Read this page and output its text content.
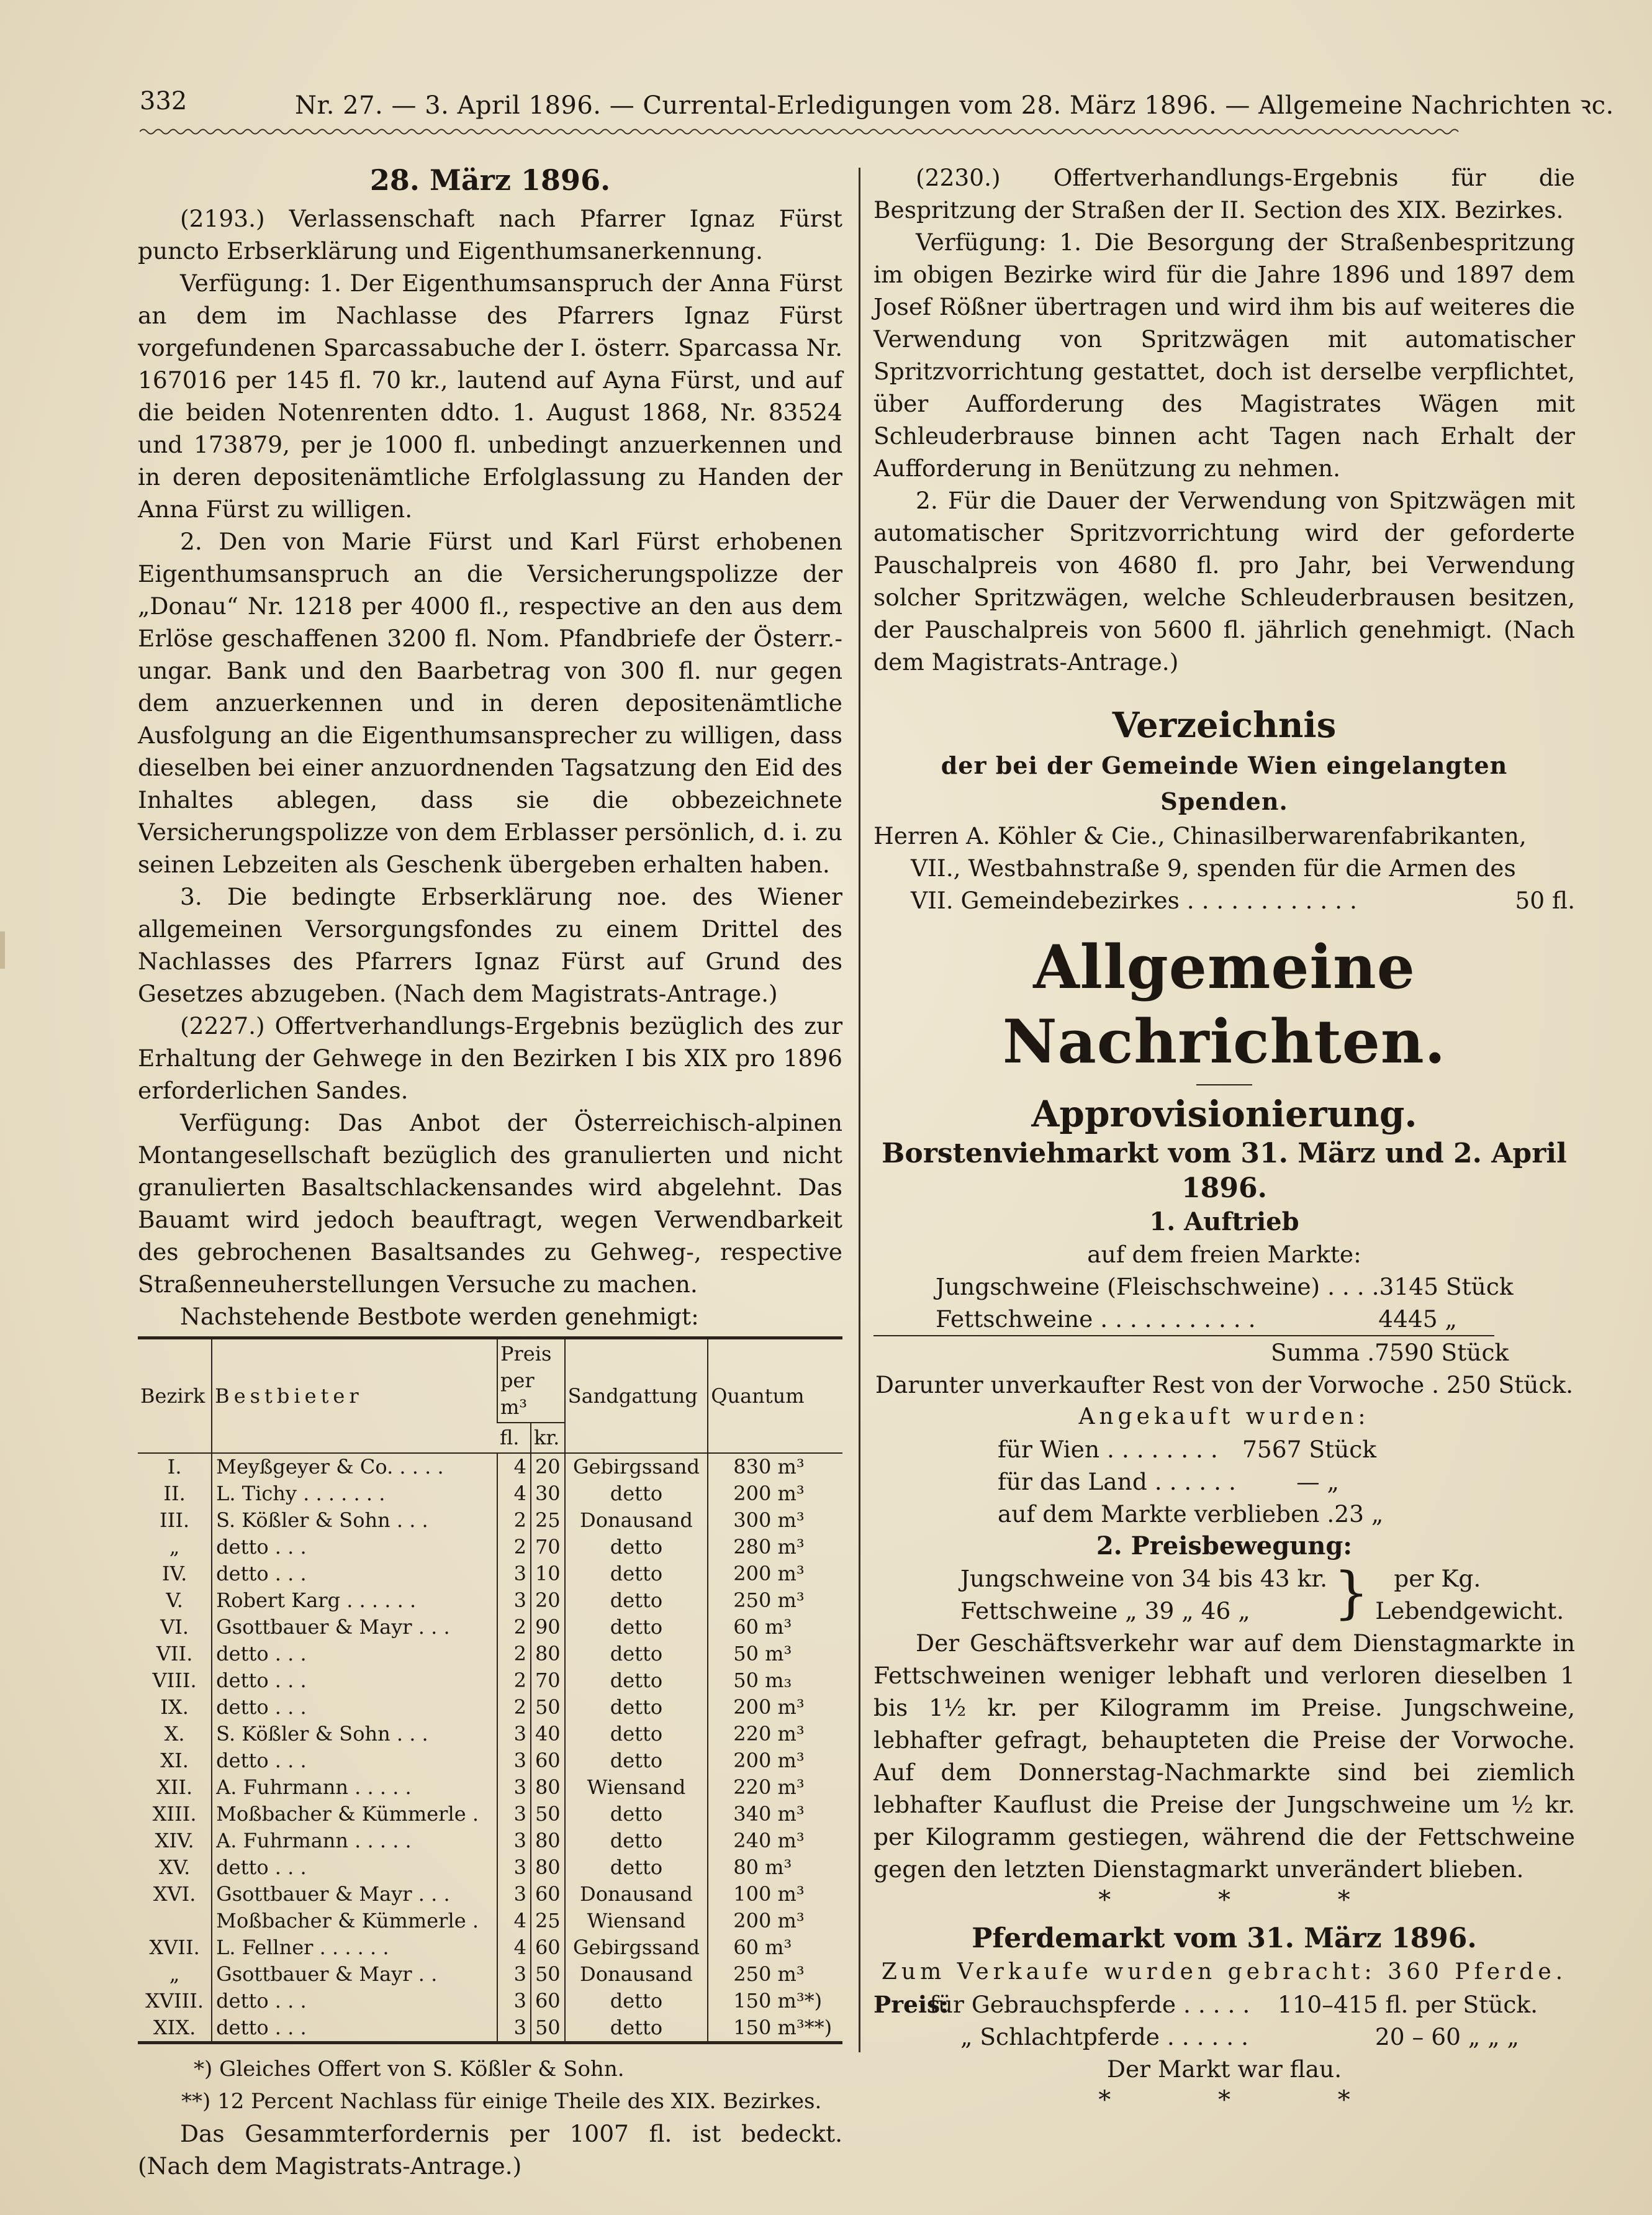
332	Nr. 27. — 3. April 1896. — Currental-Erledigungen vom 28. März 1896. — Allgemeine Nachrichten ꝛc.
28. März 1896.

(2193.) Verlassenschaft nach Pfarrer Ignaz Fürst puncto Erbserklärung und Eigenthumsanerkennung.

Verfügung: 1. Der Eigenthumsanspruch der Anna Fürst an dem im Nachlasse des Pfarrers Ignaz Fürst vorgefundenen Sparcassabuche der I. österr. Sparcassa Nr. 167016 per 145 fl. 70 kr., lautend auf Ayna Fürst, und auf die beiden Notenrenten ddto. 1. August 1868, Nr. 83524 und 173879, per je 1000 fl. unbedingt anzuerkennen und in deren depositenämtliche Erfolglassung zu Handen der Anna Fürst zu willigen.

2. Den von Marie Fürst und Karl Fürst erhobenen Eigenthumsanspruch an die Versicherungspolizze der „Donau“ Nr. 1218 per 4000 fl., respective an den aus dem Erlöse geschaffenen 3200 fl. Nom. Pfandbriefe der Österr.-ungar. Bank und den Baarbetrag von 300 fl. nur gegen dem anzuerkennen und in deren depositenämtliche Ausfolgung an die Eigenthumsansprecher zu willigen, dass dieselben bei einer anzuordnenden Tagsatzung den Eid des Inhaltes ablegen, dass sie die obbezeichnete Versicherungspolizze von dem Erblasser persönlich, d. i. zu seinen Lebzeiten als Geschenk übergeben erhalten haben.

3. Die bedingte Erbserklärung noe. des Wiener allgemeinen Versorgungsfondes zu einem Drittel des Nachlasses des Pfarrers Ignaz Fürst auf Grund des Gesetzes abzugeben. (Nach dem Magistrats-Antrage.)

(2227.) Offertverhandlungs-Ergebnis bezüglich des zur Erhaltung der Gehwege in den Bezirken I bis XIX pro 1896 erforderlichen Sandes.

Verfügung: Das Anbot der Österreichisch-alpinen Montangesellschaft bezüglich des granulierten und nicht granulierten Basaltschlackensandes wird abgelehnt. Das Bauamt wird jedoch beauftragt, wegen Verwendbarkeit des gebrochenen Basaltsandes zu Gehweg-, respective Straßenneuherstellungen Versuche zu machen.

Nachstehende Bestbote werden genehmigt:

Bezirk	Bestbieter	Preis per m³		Sandgattung	Quantum
		fl.	kr.		
I.	Meyßgeyer & Co. . . . .	4	20	Gebirgssand	830 m³
II.	L. Tichy . . . . . . .	4	30	detto	200 m³
III.	S. Kößler & Sohn . . .	2	25	Donausand	300 m³
„	detto . . .	2	70	detto	280 m³
IV.	detto . . .	3	10	detto	200 m³
V.	Robert Karg . . . . . .	3	20	detto	250 m³
VI.	Gsottbauer & Mayr . . .	2	90	detto	60 m³
VII.	detto . . .	2	80	detto	50 m³
VIII.	detto . . .	2	70	detto	50 m₃
IX.	detto . . .	2	50	detto	200 m³
X.	S. Kößler & Sohn . . .	3	40	detto	220 m³
XI.	detto . . .	3	60	detto	200 m³
XII.	A. Fuhrmann . . . . .	3	80	Wiensand	220 m³
XIII.	Moßbacher & Kümmerle .	3	50	detto	340 m³
XIV.	A. Fuhrmann . . . . .	3	80	detto	240 m³
XV.	detto . . .	3	80	detto	80 m³
XVI.	Gsottbauer & Mayr . . .	3	60	Donausand	100 m³
	Moßbacher & Kümmerle .	4	25	Wiensand	200 m³
XVII.	L. Fellner . . . . . .	4	60	Gebirgssand	60 m³
„	Gsottbauer & Mayr . .	3	50	Donausand	250 m³
XVIII.	detto . . .	3	60	detto	150 m³*)
XIX.	detto . . .	3	50	detto	150 m³**)

*) Gleiches Offert von S. Kößler & Sohn.

**) 12 Percent Nachlass für einige Theile des XIX. Bezirkes.

Das Gesammterfordernis per 1007 fl. ist bedeckt. (Nach dem Magistrats-Antrage.)

(2230.) Offertverhandlungs-Ergebnis für die Bespritzung der Straßen der II. Section des XIX. Bezirkes.

Verfügung: 1. Die Besorgung der Straßenbespritzung im obigen Bezirke wird für die Jahre 1896 und 1897 dem Josef Rößner übertragen und wird ihm bis auf weiteres die Verwendung von Spritzwägen mit automatischer Spritzvorrichtung gestattet, doch ist derselbe verpflichtet, über Aufforderung des Magistrates Wägen mit Schleuderbrause binnen acht Tagen nach Erhalt der Aufforderung in Benützung zu nehmen.

2. Für die Dauer der Verwendung von Spitzwägen mit automatischer Spritzvorrichtung wird der geforderte Pauschalpreis von 4680 fl. pro Jahr, bei Verwendung solcher Spritzwägen, welche Schleuderbrausen besitzen, der Pauschalpreis von 5600 fl. jährlich genehmigt. (Nach dem Magistrats-Antrage.)

Verzeichnis
der bei der Gemeinde Wien eingelangten Spenden.

Herren A. Köhler & Cie., Chinasilberwarenfabrikanten,

VII., Westbahnstraße 9, spenden für die Armen des

VII. Gemeindebezirkes . . . . . . . . . . . .	50 fl.
Allgemeine Nachrichten.
Approvisionierung.
Borstenviehmarkt vom 31. März und 2. April 1896.
1. Auftrieb
auf dem freien Markte:
Jungschweine (Fleischschweine) . . . . 3145 Stück
Fettschweine . . . . . . . . . . .	4445 „
Summa . 7590 Stück
Darunter unverkaufter Rest von der Vorwoche . 250 Stück.
Angekauft wurden:
für Wien . . . . . . . . 7567 Stück
für das Land . . . . . .	— „
auf dem Markte verblieben . 23 „
2. Preisbewegung:
Jungschweine von 34 bis 43 kr.
Fettschweine „ 39 „ 46 „	}	per Kg.
Lebendgewicht.

Der Geschäftsverkehr war auf dem Dienstagmarkte in Fettschweinen weniger lebhaft und verloren dieselben 1 bis 1½ kr. per Kilogramm im Preise. Jungschweine, lebhafter gefragt, behaupteten die Preise der Vorwoche. Auf dem Donnerstag-Nachmarkte sind bei ziemlich lebhafter Kauflust die Preise der Jungschweine um ½ kr. per Kilogramm gestiegen, während die der Fettschweine gegen den letzten Dienstagmarkt unverändert blieben.

* * *
Pferdemarkt vom 31. März 1896.
Zum Verkaufe wurden gebracht: 360 Pferde.
Preis:
für Gebrauchspferde . . . . . 110–415 fl. per Stück.
„ Schlachtpferde . . . . . .	20 – 60 „ „ „
Der Markt war flau.
* * *
